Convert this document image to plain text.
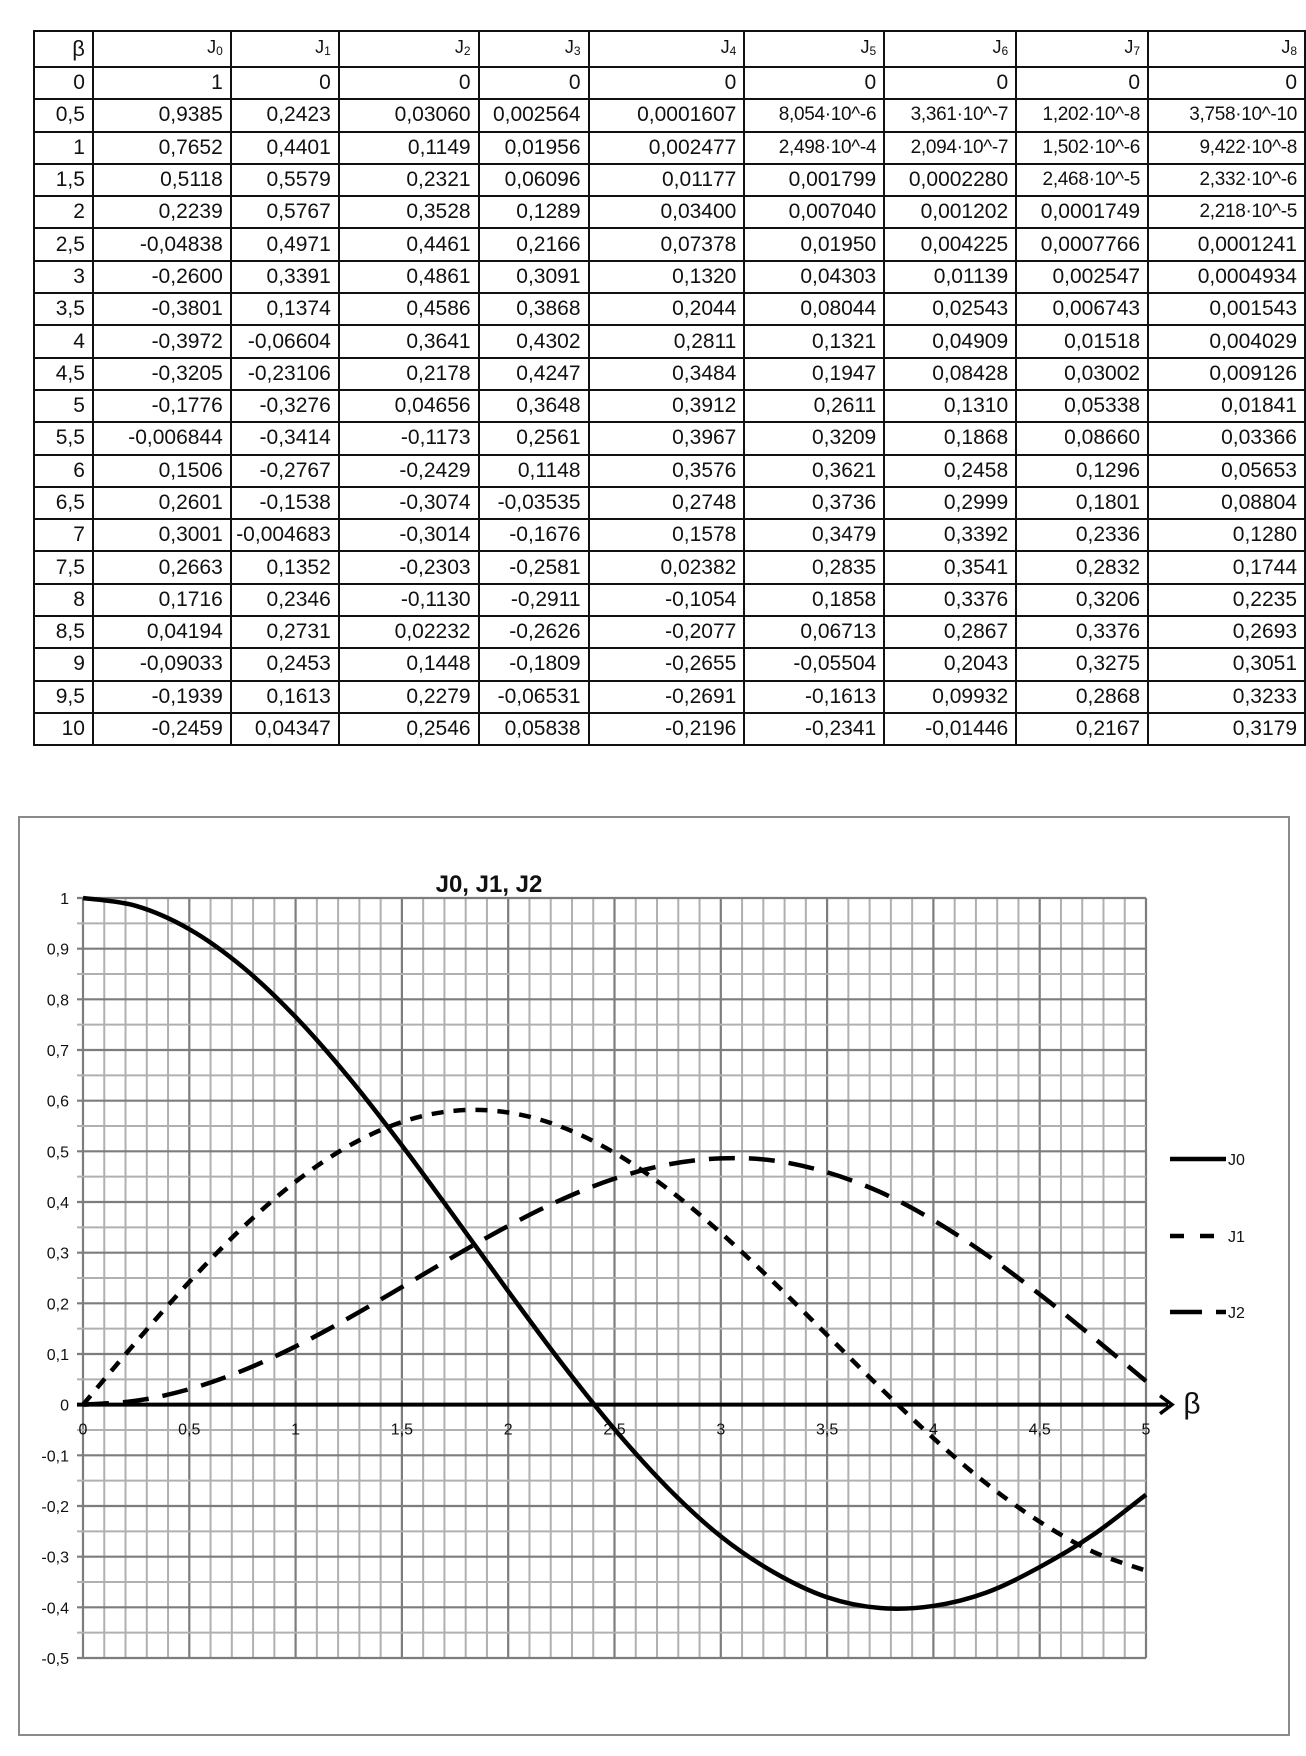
β	$J_0$	$J_1$	$J_2$	$J_3$	$J_4$	$J_5$	$J_6$	$J_7$	$J_8$
0	1	0	0	0	0	0	0	0	0
0,5	0,9385	0,2423	0,03060	0,002564	0,0001607	8,054·10^-6	3,361·10^-7	1,202·10^-8	3,758·10^-10
1	0,7652	0,4401	0,1149	0,01956	0,002477	2,498·10^-4	2,094·10^-7	1,502·10^-6	9,422·10^-8
1,5	0,5118	0,5579	0,2321	0,06096	0,01177	0,001799	0,0002280	2,468·10^-5	2,332·10^-6
2	0,2239	0,5767	0,3528	0,1289	0,03400	0,007040	0,001202	0,0001749	2,218·10^-5
2,5	-0,04838	0,4971	0,4461	0,2166	0,07378	0,01950	0,004225	0,0007766	0,0001241
3	-0,2600	0,3391	0,4861	0,3091	0,1320	0,04303	0,01139	0,002547	0,0004934
3,5	-0,3801	0,1374	0,4586	0,3868	0,2044	0,08044	0,02543	0,006743	0,001543
4	-0,3972	-0,06604	0,3641	0,4302	0,2811	0,1321	0,04909	0,01518	0,004029
4,5	-0,3205	-0,23106	0,2178	0,4247	0,3484	0,1947	0,08428	0,03002	0,009126
5	-0,1776	-0,3276	0,04656	0,3648	0,3912	0,2611	0,1310	0,05338	0,01841
5,5	-0,006844	-0,3414	-0,1173	0,2561	0,3967	0,3209	0,1868	0,08660	0,03366
6	0,1506	-0,2767	-0,2429	0,1148	0,3576	0,3621	0,2458	0,1296	0,05653
6,5	0,2601	-0,1538	-0,3074	-0,03535	0,2748	0,3736	0,2999	0,1801	0,08804
7	0,3001	-0,004683	-0,3014	-0,1676	0,1578	0,3479	0,3392	0,2336	0,1280
7,5	0,2663	0,1352	-0,2303	-0,2581	0,02382	0,2835	0,3541	0,2832	0,1744
8	0,1716	0,2346	-0,1130	-0,2911	-0,1054	0,1858	0,3376	0,3206	0,2235
8,5	0,04194	0,2731	0,02232	-0,2626	-0,2077	0,06713	0,2867	0,3376	0,2693
9	-0,09033	0,2453	0,1448	-0,1809	-0,2655	-0,05504	0,2043	0,3275	0,3051
9,5	-0,1939	0,1613	0,2279	-0,06531	-0,2691	-0,1613	0,09932	0,2868	0,3233
10	-0,2459	0,04347	0,2546	0,05838	-0,2196	-0,2341	-0,01446	0,2167	0,3179
1
0,9
0,8
0,7
0,6
0,5
0,4
0,3
0,2
0,1
0
-0,1
-0,2
-0,3
-0,4
-0,5
0	0,5	1	1,5	2	2,5	3	3,5	4	4,5	5
β
J0, J1, J2
J0
J1
J2
